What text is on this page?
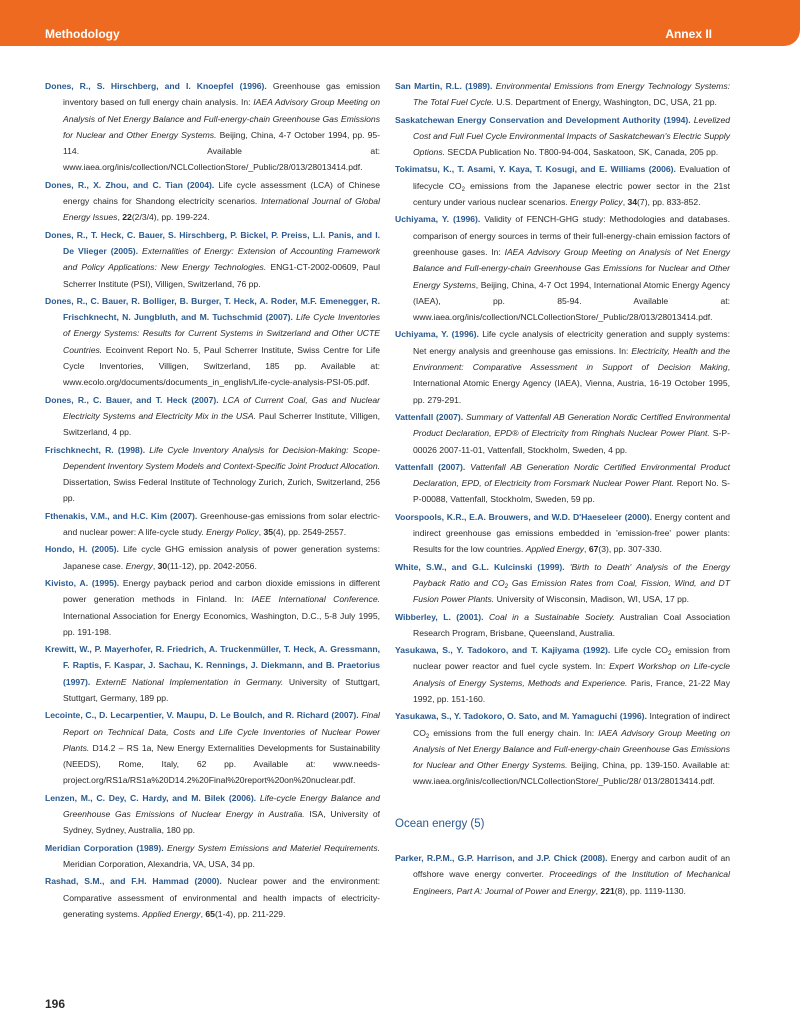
Methodology	Annex II
Dones, R., S. Hirschberg, and I. Knoepfel (1996). Greenhouse gas emission inventory based on full energy chain analysis. In: IAEA Advisory Group Meeting on Analysis of Net Energy Balance and Full-energy-chain Greenhouse Gas Emissions for Nuclear and Other Energy Systems. Beijing, China, 4-7 October 1994, pp. 95-114. Available at: www.iaea.org/inis/collection/NCLCollectionStore/_Public/28/013/28013414.pdf.
Dones, R., X. Zhou, and C. Tian (2004). Life cycle assessment (LCA) of Chinese energy chains for Shandong electricity scenarios. International Journal of Global Energy Issues, 22(2/3/4), pp. 199-224.
Dones, R., T. Heck, C. Bauer, S. Hirschberg, P. Bickel, P. Preiss, L.I. Panis, and I. De Vlieger (2005). Externalities of Energy: Extension of Accounting Framework and Policy Applications: New Energy Technologies. ENG1-CT-2002-00609, Paul Scherrer Institute (PSI), Villigen, Switzerland, 76 pp.
Dones, R., C. Bauer, R. Bolliger, B. Burger, T. Heck, A. Roder, M.F. Emenegger, R. Frischknecht, N. Jungbluth, and M. Tuchschmid (2007). Life Cycle Inventories of Energy Systems: Results for Current Systems in Switzerland and Other UCTE Countries. Ecoinvent Report No. 5, Paul Scherrer Institute, Swiss Centre for Life Cycle Inventories, Villigen, Switzerland, 185 pp. Available at: www.ecolo.org/documents/documents_in_english/Life-cycle-analysis-PSI-05.pdf.
Dones, R., C. Bauer, and T. Heck (2007). LCA of Current Coal, Gas and Nuclear Electricity Systems and Electricity Mix in the USA. Paul Scherrer Institute, Villigen, Switzerland, 4 pp.
Frischknecht, R. (1998). Life Cycle Inventory Analysis for Decision-Making: Scope-Dependent Inventory System Models and Context-Specific Joint Product Allocation. Dissertation, Swiss Federal Institute of Technology Zurich, Zurich, Switzerland, 256 pp.
Fthenakis, V.M., and H.C. Kim (2007). Greenhouse-gas emissions from solar electric- and nuclear power: A life-cycle study. Energy Policy, 35(4), pp. 2549-2557.
Hondo, H. (2005). Life cycle GHG emission analysis of power generation systems: Japanese case. Energy, 30(11-12), pp. 2042-2056.
Kivisto, A. (1995). Energy payback period and carbon dioxide emissions in different power generation methods in Finland. In: IAEE International Conference. International Association for Energy Economics, Washington, D.C., 5-8 July 1995, pp. 191-198.
Krewitt, W., P. Mayerhofer, R. Friedrich, A. Truckenmüller, T. Heck, A. Gressmann, F. Raptis, F. Kaspar, J. Sachau, K. Rennings, J. Diekmann, and B. Praetorius (1997). ExternE National Implementation in Germany. University of Stuttgart, Stuttgart, Germany, 189 pp.
Lecointe, C., D. Lecarpentier, V. Maupu, D. Le Boulch, and R. Richard (2007). Final Report on Technical Data, Costs and Life Cycle Inventories of Nuclear Power Plants. D14.2 – RS 1a, New Energy Externalities Developments for Sustainability (NEEDS), Rome, Italy, 62 pp. Available at: www.needs-project.org/RS1a/RS1a%20D14.2%20Final%20report%20on%20nuclear.pdf.
Lenzen, M., C. Dey, C. Hardy, and M. Bilek (2006). Life-cycle Energy Balance and Greenhouse Gas Emissions of Nuclear Energy in Australia. ISA, University of Sydney, Sydney, Australia, 180 pp.
Meridian Corporation (1989). Energy System Emissions and Materiel Requirements. Meridian Corporation, Alexandria, VA, USA, 34 pp.
Rashad, S.M., and F.H. Hammad (2000). Nuclear power and the environment: Comparative assessment of environmental and health impacts of electricity-generating systems. Applied Energy, 65(1-4), pp. 211-229.
San Martin, R.L. (1989). Environmental Emissions from Energy Technology Systems: The Total Fuel Cycle. U.S. Department of Energy, Washington, DC, USA, 21 pp.
Saskatchewan Energy Conservation and Development Authority (1994). Levelized Cost and Full Fuel Cycle Environmental Impacts of Saskatchewan's Electric Supply Options. SECDA Publication No. T800-94-004, Saskatoon, SK, Canada, 205 pp.
Tokimatsu, K., T. Asami, Y. Kaya, T. Kosugi, and E. Williams (2006). Evaluation of lifecycle $CO_2$ emissions from the Japanese electric power sector in the 21st century under various nuclear scenarios. Energy Policy, 34(7), pp. 833-852.
Uchiyama, Y. (1996). Validity of FENCH-GHG study: Methodologies and databases. comparison of energy sources in terms of their full-energy-chain emission factors of greenhouse gases. In: IAEA Advisory Group Meeting on Analysis of Net Energy Balance and Full-energy-chain Greenhouse Gas Emissions for Nuclear and Other Energy Systems, Beijing, China, 4-7 Oct 1994, International Atomic Energy Agency (IAEA), pp. 85-94. Available at: www.iaea.org/inis/collection/NCLCollectionStore/_Public/28/013/28013414.pdf.
Uchiyama, Y. (1996). Life cycle analysis of electricity generation and supply systems: Net energy analysis and greenhouse gas emissions. In: Electricity, Health and the Environment: Comparative Assessment in Support of Decision Making, International Atomic Energy Agency (IAEA), Vienna, Austria, 16-19 October 1995, pp. 279-291.
Vattenfall (2007). Summary of Vattenfall AB Generation Nordic Certified Environmental Product Declaration, EPD® of Electricity from Ringhals Nuclear Power Plant. S-P-00026 2007-11-01, Vattenfall, Stockholm, Sweden, 4 pp.
Vattenfall (2007). Vattenfall AB Generation Nordic Certified Environmental Product Declaration, EPD, of Electricity from Forsmark Nuclear Power Plant. Report No. S-P-00088, Vattenfall, Stockholm, Sweden, 59 pp.
Voorspools, K.R., E.A. Brouwers, and W.D. D'Haeseleer (2000). Energy content and indirect greenhouse gas emissions embedded in 'emission-free' power plants: Results for the low countries. Applied Energy, 67(3), pp. 307-330.
White, S.W., and G.L. Kulcinski (1999). 'Birth to Death' Analysis of the Energy Payback Ratio and $CO_2$ Gas Emission Rates from Coal, Fission, Wind, and DT Fusion Power Plants. University of Wisconsin, Madison, WI, USA, 17 pp.
Wibberley, L. (2001). Coal in a Sustainable Society. Australian Coal Association Research Program, Brisbane, Queensland, Australia.
Yasukawa, S., Y. Tadokoro, and T. Kajiyama (1992). Life cycle $CO_2$ emission from nuclear power reactor and fuel cycle system. In: Expert Workshop on Life-cycle Analysis of Energy Systems, Methods and Experience. Paris, France, 21-22 May 1992, pp. 151-160.
Yasukawa, S., Y. Tadokoro, O. Sato, and M. Yamaguchi (1996). Integration of indirect $CO_2$ emissions from the full energy chain. In: IAEA Advisory Group Meeting on Analysis of Net Energy Balance and Full-energy-chain Greenhouse Gas Emissions for Nuclear and Other Energy Systems. Beijing, China, pp. 139-150. Available at: www.iaea.org/inis/collection/NCLCollectionStore/_Public/28/ 013/28013414.pdf.
Ocean energy (5)
Parker, R.P.M., G.P. Harrison, and J.P. Chick (2008). Energy and carbon audit of an offshore wave energy converter. Proceedings of the Institution of Mechanical Engineers, Part A: Journal of Power and Energy, 221(8), pp. 1119-1130.
196
